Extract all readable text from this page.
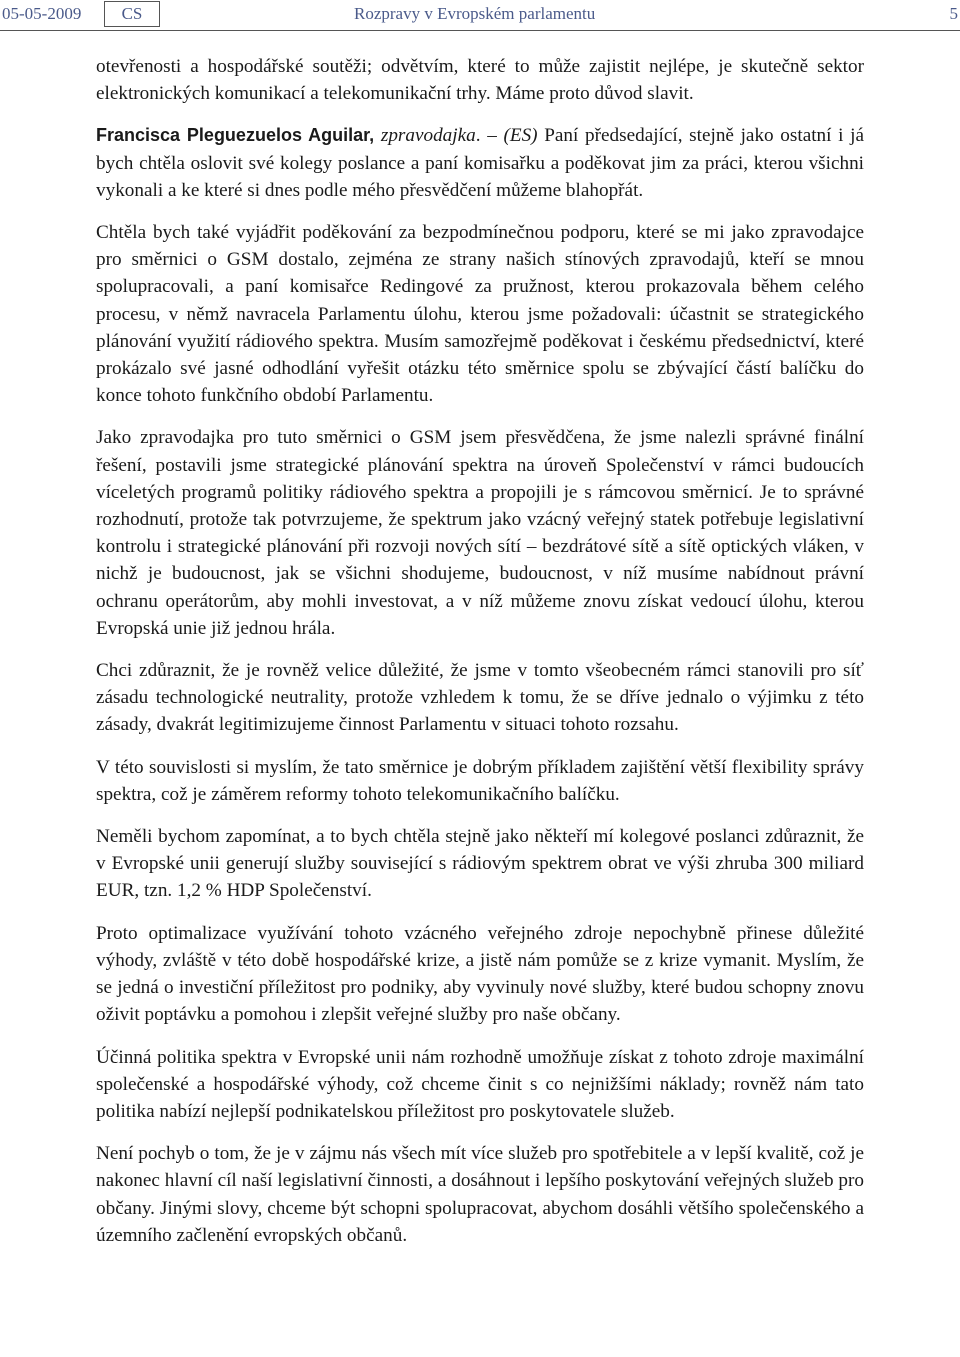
05-05-2009	CS	Rozpravy v Evropském parlamentu	5

otevřenosti a hospodářské soutěži; odvětvím, které to může zajistit nejlépe, je skutečně sektor elektronických komunikací a telekomunikační trhy. Máme proto důvod slavit.

Francisca Pleguezuelos Aguilar, zpravodajka. – (ES) Paní předsedající, stejně jako ostatní i já bych chtěla oslovit své kolegy poslance a paní komisařku a poděkovat jim za práci, kterou všichni vykonali a ke které si dnes podle mého přesvědčení můžeme blahopřát.

Chtěla bych také vyjádřit poděkování za bezpodmínečnou podporu, které se mi jako zpravodajce pro směrnici o GSM dostalo, zejména ze strany našich stínových zpravodajů, kteří se mnou spolupracovali, a paní komisařce Redingové za pružnost, kterou prokazovala během celého procesu, v němž navracela Parlamentu úlohu, kterou jsme požadovali: účastnit se strategického plánování využití rádiového spektra. Musím samozřejmě poděkovat i českému předsednictví, které prokázalo své jasné odhodlání vyřešit otázku této směrnice spolu se zbývající částí balíčku do konce tohoto funkčního období Parlamentu.

Jako zpravodajka pro tuto směrnici o GSM jsem přesvědčena, že jsme nalezli správné finální řešení, postavili jsme strategické plánování spektra na úroveň Společenství v rámci budoucích víceletých programů politiky rádiového spektra a propojili je s rámcovou směrnicí. Je to správné rozhodnutí, protože tak potvrzujeme, že spektrum jako vzácný veřejný statek potřebuje legislativní kontrolu i strategické plánování při rozvoji nových sítí – bezdrátové sítě a sítě optických vláken, v nichž je budoucnost, jak se všichni shodujeme, budoucnost, v níž musíme nabídnout právní ochranu operátorům, aby mohli investovat, a v níž můžeme znovu získat vedoucí úlohu, kterou Evropská unie již jednou hrála.

Chci zdůraznit, že je rovněž velice důležité, že jsme v tomto všeobecném rámci stanovili pro síť zásadu technologické neutrality, protože vzhledem k tomu, že se dříve jednalo o výjimku z této zásady, dvakrát legitimizujeme činnost Parlamentu v situaci tohoto rozsahu.

V této souvislosti si myslím, že tato směrnice je dobrým příkladem zajištění větší flexibility správy spektra, což je záměrem reformy tohoto telekomunikačního balíčku.

Neměli bychom zapomínat, a to bych chtěla stejně jako někteří mí kolegové poslanci zdůraznit, že v Evropské unii generují služby související s rádiovým spektrem obrat ve výši zhruba 300 miliard EUR, tzn. 1,2 % HDP Společenství.

Proto optimalizace využívání tohoto vzácného veřejného zdroje nepochybně přinese důležité výhody, zvláště v této době hospodářské krize, a jistě nám pomůže se z krize vymanit. Myslím, že se jedná o investiční příležitost pro podniky, aby vyvinuly nové služby, které budou schopny znovu oživit poptávku a pomohou i zlepšit veřejné služby pro naše občany.

Účinná politika spektra v Evropské unii nám rozhodně umožňuje získat z tohoto zdroje maximální společenské a hospodářské výhody, což chceme činit s co nejnižšími náklady; rovněž nám tato politika nabízí nejlepší podnikatelskou příležitost pro poskytovatele služeb.

Není pochyb o tom, že je v zájmu nás všech mít více služeb pro spotřebitele a v lepší kvalitě, což je nakonec hlavní cíl naší legislativní činnosti, a dosáhnout i lepšího poskytování veřejných služeb pro občany. Jinými slovy, chceme být schopni spolupracovat, abychom dosáhli většího společenského a územního začlenění evropských občanů.
